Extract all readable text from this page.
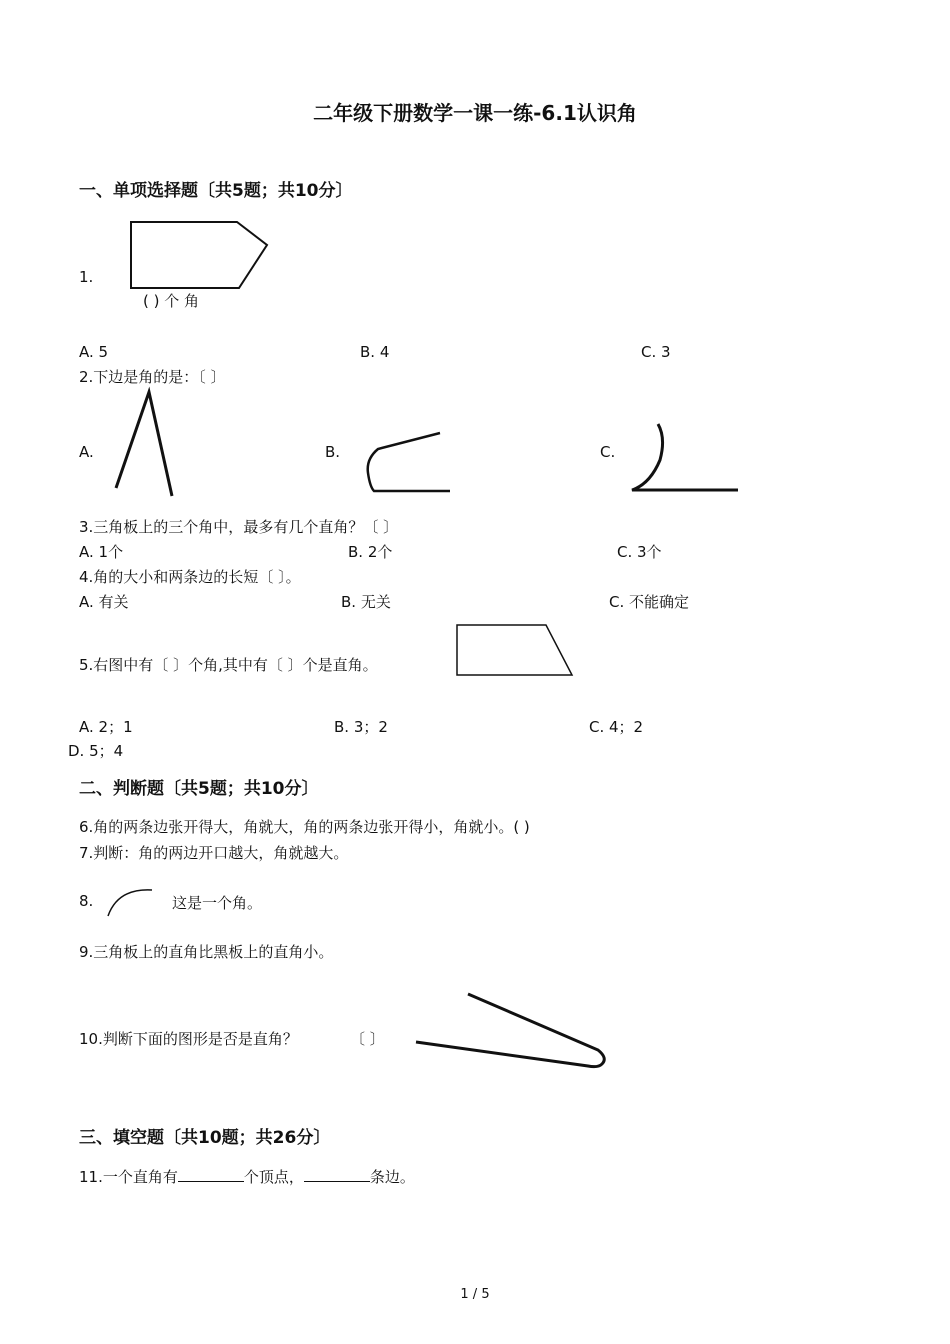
二年级下册数学一课一练-6.1认识角
一、单项选择题〔共5题；共10分〕
1.
( ) 个 角
A. 5	B. 4	C. 3
2.下边是角的是：〔 〕
A.	B.	C.
3.三角板上的三个角中，最多有几个直角？〔 〕
A. 1个	B. 2个	C. 3个
4.角的大小和两条边的长短〔 〕。
A. 有关	B. 无关	C. 不能确定
5.右图中有〔 〕个角,其中有〔 〕个是直角。
A. 2；1	B. 3；2	C. 4；2
D. 5；4
二、判断题〔共5题；共10分〕
6.角的两条边张开得大，角就大，角的两条边张开得小，角就小。( )
7.判断：角的两边开口越大，角就越大。
8.	这是一个角。
9.三角板上的直角比黑板上的直角小。
10.判断下面的图形是否是直角？	〔 〕
三、填空题〔共10题；共26分〕
11.一个直角有	个顶点，	条边。
1 / 5
